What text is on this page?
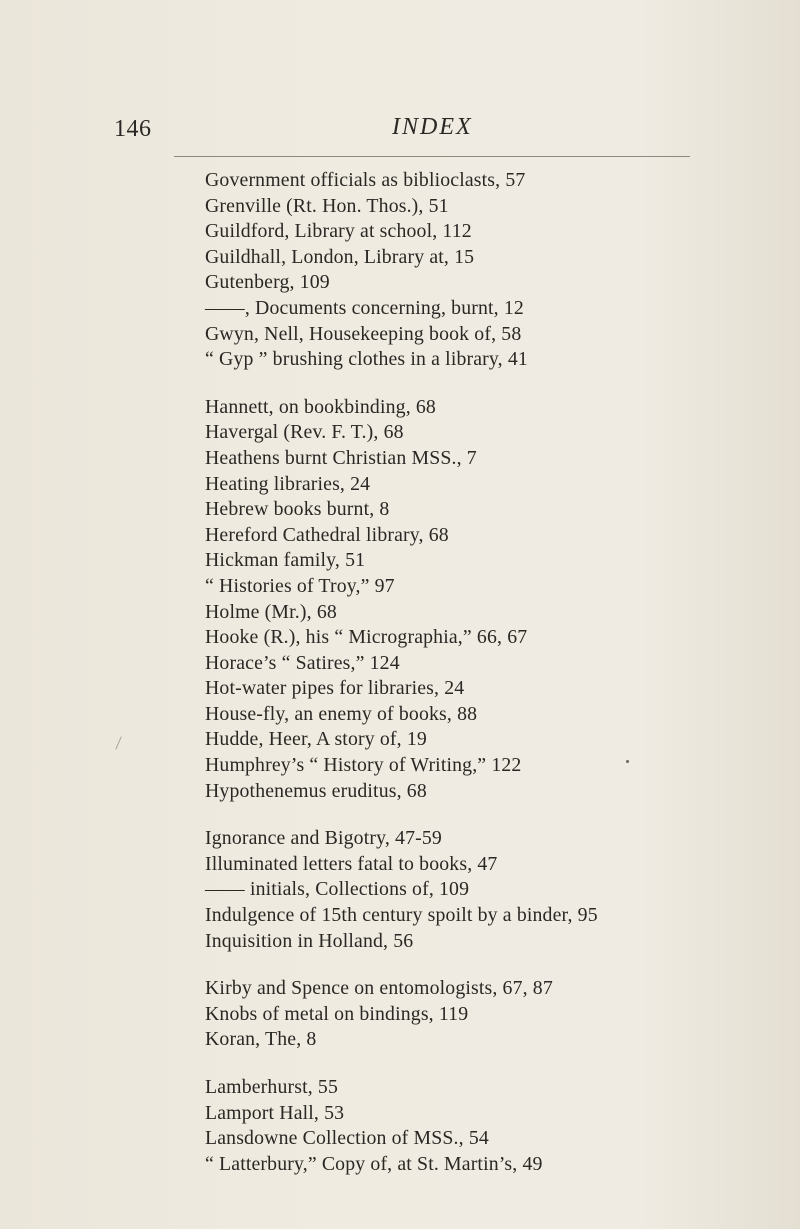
146	INDEX
Government officials as biblioclasts, 57
Grenville (Rt. Hon. Thos.), 51
Guildford, Library at school, 112
Guildhall, London, Library at, 15
Gutenberg, 109
——, Documents concerning, burnt, 12
Gwyn, Nell, Housekeeping book of, 58
“ Gyp ” brushing clothes in a library, 41
Hannett, on bookbinding, 68
Havergal (Rev. F. T.), 68
Heathens burnt Christian MSS., 7
Heating libraries, 24
Hebrew books burnt, 8
Hereford Cathedral library, 68
Hickman family, 51
“ Histories of Troy,” 97
Holme (Mr.), 68
Hooke (R.), his “ Micrographia,” 66, 67
Horace’s “ Satires,” 124
Hot-water pipes for libraries, 24
House-fly, an enemy of books, 88
Hudde, Heer, A story of, 19
Humphrey’s “ History of Writing,” 122
Hypothenemus eruditus, 68
Ignorance and Bigotry, 47-59
Illuminated letters fatal to books, 47
—— initials, Collections of, 109
Indulgence of 15th century spoilt by a binder, 95
Inquisition in Holland, 56
Kirby and Spence on entomologists, 67, 87
Knobs of metal on bindings, 119
Koran, The, 8
Lamberhurst, 55
Lamport Hall, 53
Lansdowne Collection of MSS., 54
“ Latterbury,” Copy of, at St. Martin’s, 49
